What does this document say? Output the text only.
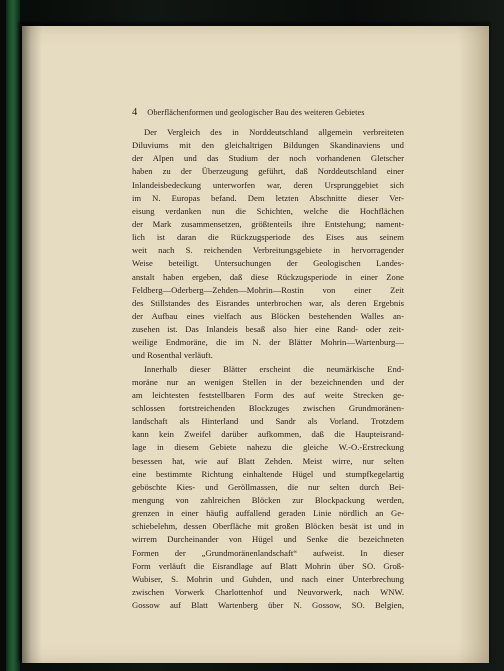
4 Oberflächenformen und geologischer Bau des weiteren Gebietes
Der Vergleich des in Norddeutschland allgemein verbreiteten
Diluviums mit den gleichaltrigen Bildungen Skandinaviens und
der Alpen und das Studium der noch vorhandenen Gletscher
haben zu der Überzeugung geführt, daß Norddeutschland einer
Inlandeisbedeckung unterworfen war, deren Ursprunggebiet sich
im N. Europas befand. Dem letzten Abschnitte dieser Ver-
eisung verdanken nun die Schichten, welche die Hochflächen
der Mark zusammensetzen, größtenteils ihre Entstehung; nament-
lich ist daran die Rückzugsperiode des Eises aus seinem
weit nach S. reichenden Verbreitungsgebiete in hervorragender
Weise beteiligt. Untersuchungen der Geologischen Landes-
anstalt haben ergeben, daß diese Rückzugsperiode in einer Zone
Feldberg—Oderberg—Zehden—Mohrin—Rostin von einer Zeit
des Stillstandes des Eisrandes unterbrochen war, als deren Ergebnis
der Aufbau eines vielfach aus Blöcken bestehenden Walles an-
zusehen ist. Das Inlandeis besaß also hier eine Rand- oder zeit-
weilige Endmoräne, die im N. der Blätter Mohrin—Wartenburg—
und Rosenthal verläuft.
Innerhalb dieser Blätter erscheint die neumärkische End-
moräne nur an wenigen Stellen in der bezeichnenden und der
am leichtesten feststellbaren Form des auf weite Strecken ge-
schlossen fortstreichenden Blockzuges zwischen Grundmoränen-
landschaft als Hinterland und Sandr als Vorland. Trotzdem
kann kein Zweifel darüber aufkommen, daß die Haupteisrand-
lage in diesem Gebiete nahezu die gleiche W.-O.-Erstreckung
besessen hat, wie auf Blatt Zehden. Meist wirre, nur selten
eine bestimmte Richtung einhaltende Hügel und stumpfkegelartig
geböschte Kies- und Geröllmassen, die nur selten durch Bei-
mengung von zahlreichen Blöcken zur Blockpackung werden,
grenzen in einer häufig auffallend geraden Linie nördlich an Ge-
schiebelehm, dessen Oberfläche mit großen Blöcken besät ist und in
wirrem Durcheinander von Hügel und Senke die bezeichneten
Formen der „Grundmoränenlandschaft“ aufweist. In dieser
Form verläuft die Eisrandlage auf Blatt Mohrin über SO. Groß-
Wubiser, S. Mohrin und Guhden, und nach einer Unterbrechung
zwischen Vorwerk Charlottenhof und Neuvorwerk, nach WNW.
Gossow auf Blatt Wartenberg über N. Gossow, SO. Belgien,
